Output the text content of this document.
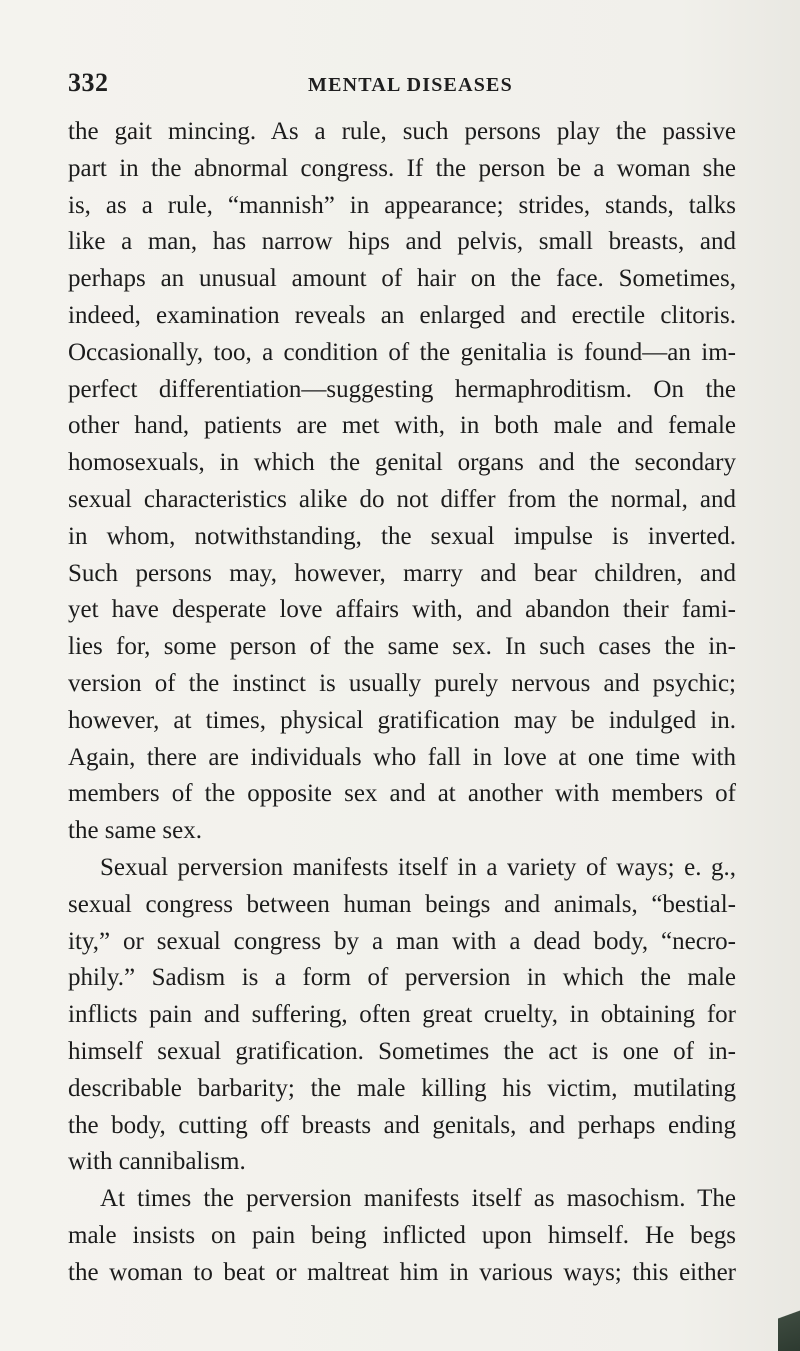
332	MENTAL DISEASES
the gait mincing. As a rule, such persons play the passive
part in the abnormal congress. If the person be a woman she
is, as a rule, “mannish” in appearance; strides, stands, talks
like a man, has narrow hips and pelvis, small breasts, and
perhaps an unusual amount of hair on the face. Sometimes,
indeed, examination reveals an enlarged and erectile clitoris.
Occasionally, too, a condition of the genitalia is found—an im-
perfect differentiation—suggesting hermaphroditism. On the
other hand, patients are met with, in both male and female
homosexuals, in which the genital organs and the secondary
sexual characteristics alike do not differ from the normal, and
in whom, notwithstanding, the sexual impulse is inverted.
Such persons may, however, marry and bear children, and
yet have desperate love affairs with, and abandon their fami-
lies for, some person of the same sex. In such cases the in-
version of the instinct is usually purely nervous and psychic;
however, at times, physical gratification may be indulged in.
Again, there are individuals who fall in love at one time with
members of the opposite sex and at another with members of
the same sex.
Sexual perversion manifests itself in a variety of ways; e. g.,
sexual congress between human beings and animals, “bestial-
ity,” or sexual congress by a man with a dead body, “necro-
phily.” Sadism is a form of perversion in which the male
inflicts pain and suffering, often great cruelty, in obtaining for
himself sexual gratification. Sometimes the act is one of in-
describable barbarity; the male killing his victim, mutilating
the body, cutting off breasts and genitals, and perhaps ending
with cannibalism.
At times the perversion manifests itself as masochism. The
male insists on pain being inflicted upon himself. He begs
the woman to beat or maltreat him in various ways; this either
